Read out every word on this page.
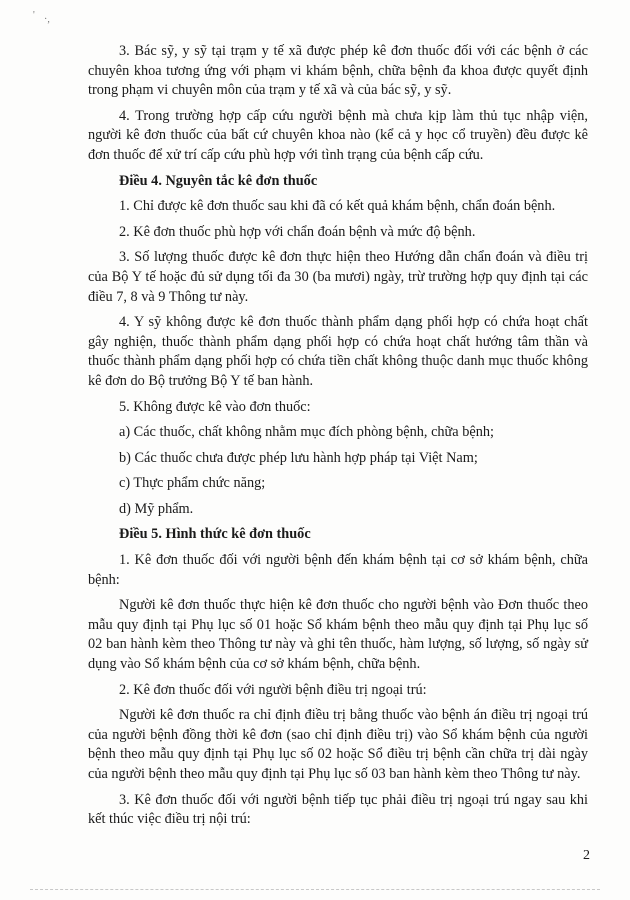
' ·,

3. Bác sỹ, y sỹ tại trạm y tế xã được phép kê đơn thuốc đối với các bệnh ở các chuyên khoa tương ứng với phạm vi khám bệnh, chữa bệnh đa khoa được quyết định trong phạm vi chuyên môn của trạm y tế xã và của bác sỹ, y sỹ.

4. Trong trường hợp cấp cứu người bệnh mà chưa kịp làm thủ tục nhập viện, người kê đơn thuốc của bất cứ chuyên khoa nào (kể cả y học cổ truyền) đều được kê đơn thuốc để xử trí cấp cứu phù hợp với tình trạng của bệnh cấp cứu.

Điều 4. Nguyên tắc kê đơn thuốc

1. Chỉ được kê đơn thuốc sau khi đã có kết quả khám bệnh, chẩn đoán bệnh.

2. Kê đơn thuốc phù hợp với chẩn đoán bệnh và mức độ bệnh.

3. Số lượng thuốc được kê đơn thực hiện theo Hướng dẫn chẩn đoán và điều trị của Bộ Y tế hoặc đủ sử dụng tối đa 30 (ba mươi) ngày, trừ trường hợp quy định tại các điều 7, 8 và 9 Thông tư này.

4. Y sỹ không được kê đơn thuốc thành phẩm dạng phối hợp có chứa hoạt chất gây nghiện, thuốc thành phẩm dạng phối hợp có chứa hoạt chất hướng tâm thần và thuốc thành phẩm dạng phối hợp có chứa tiền chất không thuộc danh mục thuốc không kê đơn do Bộ trưởng Bộ Y tế ban hành.

5. Không được kê vào đơn thuốc:

a) Các thuốc, chất không nhằm mục đích phòng bệnh, chữa bệnh;

b) Các thuốc chưa được phép lưu hành hợp pháp tại Việt Nam;

c) Thực phẩm chức năng;

d) Mỹ phẩm.

Điều 5. Hình thức kê đơn thuốc

1. Kê đơn thuốc đối với người bệnh đến khám bệnh tại cơ sở khám bệnh, chữa bệnh:

Người kê đơn thuốc thực hiện kê đơn thuốc cho người bệnh vào Đơn thuốc theo mẫu quy định tại Phụ lục số 01 hoặc Sổ khám bệnh theo mẫu quy định tại Phụ lục số 02 ban hành kèm theo Thông tư này và ghi tên thuốc, hàm lượng, số lượng, số ngày sử dụng vào Sổ khám bệnh của cơ sở khám bệnh, chữa bệnh.

2. Kê đơn thuốc đối với người bệnh điều trị ngoại trú:

Người kê đơn thuốc ra chỉ định điều trị bằng thuốc vào bệnh án điều trị ngoại trú của người bệnh đồng thời kê đơn (sao chỉ định điều trị) vào Sổ khám bệnh của người bệnh theo mẫu quy định tại Phụ lục số 02 hoặc Sổ điều trị bệnh cần chữa trị dài ngày của người bệnh theo mẫu quy định tại Phụ lục số 03 ban hành kèm theo Thông tư này.

3. Kê đơn thuốc đối với người bệnh tiếp tục phải điều trị ngoại trú ngay sau khi kết thúc việc điều trị nội trú:

2
